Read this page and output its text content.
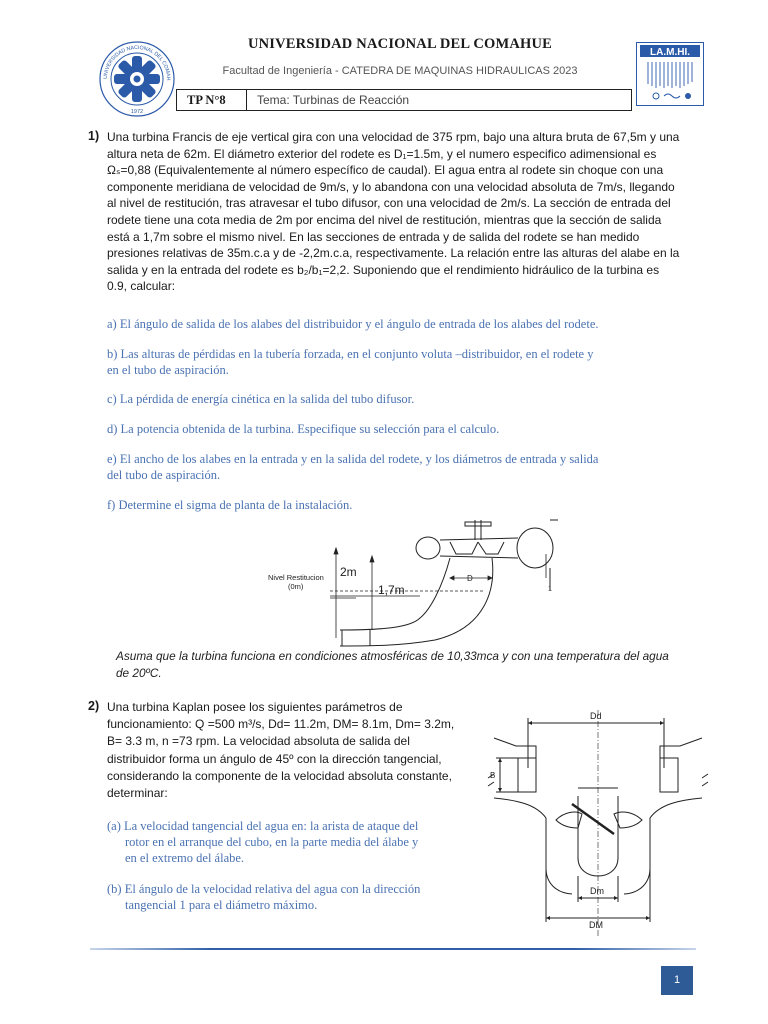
UNIVERSIDAD NACIONAL DEL COMAH
1972
UNIVERSIDAD NACIONAL DEL COMAHUE
Facultad de Ingeniería - CATEDRA DE MAQUINAS HIDRAULICAS 2023
TP N°8	Tema: Turbinas de Reacción
LA.M.HI.
1) Una turbina Francis de eje vertical gira con una velocidad de 375 rpm, bajo una altura bruta de 67,5m y una
altura neta de 62m. El diámetro exterior del rodete es D₁=1.5m, y el numero especifico adimensional es
Ωₛ=0,88 (Equivalentemente al número específico de caudal). El agua entra al rodete sin choque con una
componente meridiana de velocidad de 9m/s, y lo abandona con una velocidad absoluta de 7m/s, llegando
al nivel de restitución, tras atravesar el tubo difusor, con una velocidad de 2m/s. La sección de entrada del
rodete tiene una cota media de 2m por encima del nivel de restitución, mientras que la sección de salida
está a 1,7m sobre el mismo nivel. En las secciones de entrada y de salida del rodete se han medido
presiones relativas de 35m.c.a y de -2,2m.c.a, respectivamente. La relación entre las alturas del alabe en la
salida y en la entrada del rodete es b₂/b₁=2,2. Suponiendo que el rendimiento hidráulico de la turbina es
0.9, calcular:
a) El ángulo de salida de los alabes del distribuidor y el ángulo de entrada de los alabes del rodete.
b) Las alturas de pérdidas en la tubería forzada, en el conjunto voluta –distribuidor, en el rodete y
en el tubo de aspiración.
c) La pérdida de energía cinética en la salida del tubo difusor.
d) La potencia obtenida de la turbina. Especifique su selección para el calculo.
e) El ancho de los alabes en la entrada y en la salida del rodete, y los diámetros de entrada y salida
del tubo de aspiración.
f) Determine el sigma de planta de la instalación.
Nivel Restitucion
(0m)
2m
1,7m
D
1
Asuma que la turbina funciona en condiciones atmosféricas de 10,33mca y con una temperatura del agua
de 20ºC.
2) Una turbina Kaplan posee los siguientes parámetros de
funcionamiento: Q =500 m³/s, Dd= 11.2m, DM= 8.1m, Dm= 3.2m,
B= 3.3 m, n =73 rpm. La velocidad absoluta de salida del
distribuidor forma un ángulo de 45º con la dirección tangencial,
considerando la componente de la velocidad absoluta constante,
determinar:
(a) La velocidad tangencial del agua en: la arista de ataque del
rotor en el arranque del cubo, en la parte media del álabe y
en el extremo del álabe.
(b) El ángulo de la velocidad relativa del agua con la dirección
tangencial 1 para el diámetro máximo.
Dd
B
Dm
DM
1
